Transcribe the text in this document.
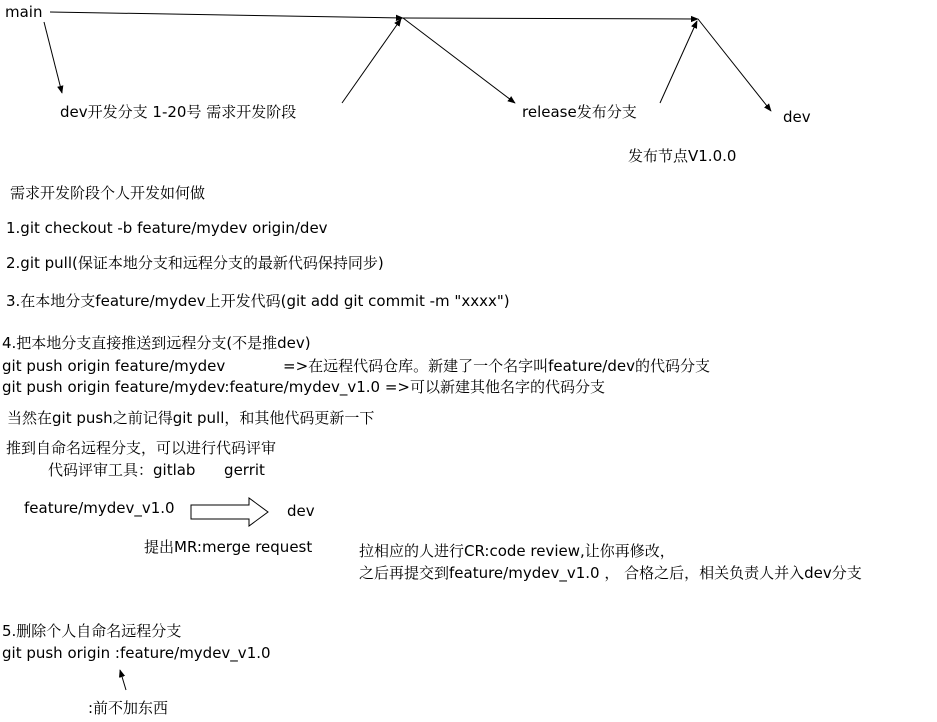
main
dev开发分支 1-20号 需求开发阶段	release发布分支	dev
发布节点V1.0.0
需求开发阶段个人开发如何做
1.git checkout -b feature/mydev origin/dev
2.git pull(保证本地分支和远程分支的最新代码保持同步)
3.在本地分支feature/mydev上开发代码(git add git commit -m "xxxx")
4.把本地分支直接推送到远程分支(不是推dev)
git push origin feature/mydev	=>在远程代码仓库。新建了一个名字叫feature/dev的代码分支
git push origin feature/mydev:feature/mydev_v1.0 =>可以新建其他名字的代码分支
当然在git push之前记得git pull，和其他代码更新一下
推到自命名远程分支，可以进行代码评审
代码评审工具：gitlab      gerrit
feature/mydev_v1.0	dev
提出MR:merge request	拉相应的人进行CR:code review,让你再修改，
之后再提交到feature/mydev_v1.0 ， 合格之后，相关负责人并入dev分支
5.删除个人自命名远程分支
git push origin :feature/mydev_v1.0
:前不加东西
